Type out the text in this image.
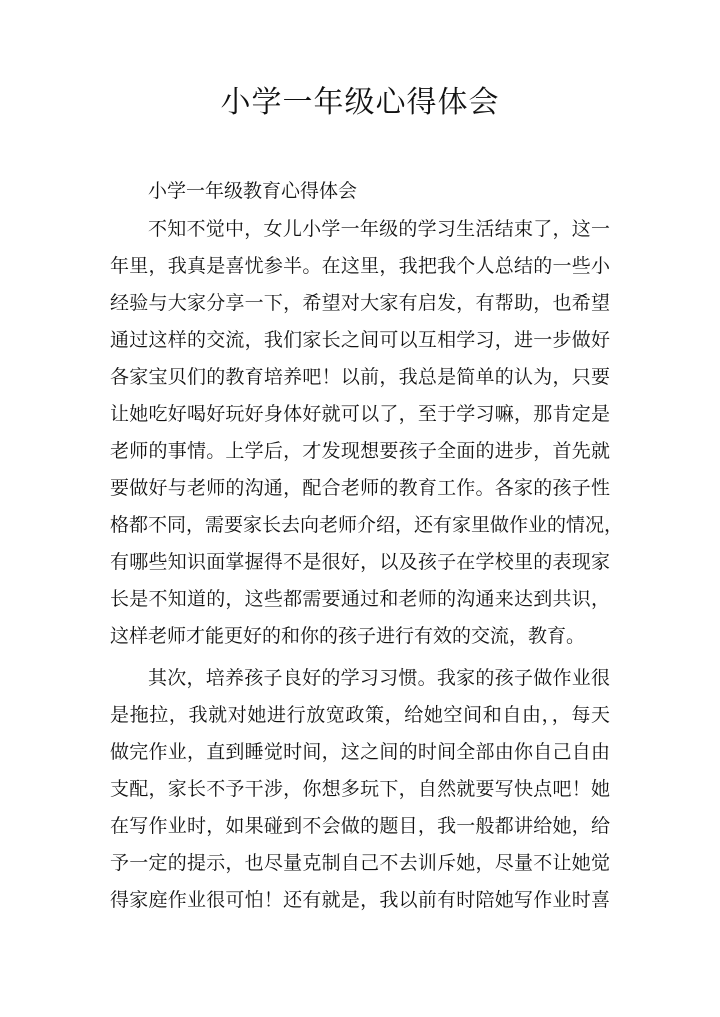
小学一年级心得体会

小学一年级教育心得体会

不知不觉中，女儿小学一年级的学习生活结束了，这一
年里，我真是喜忧参半。在这里，我把我个人总结的一些小
经验与大家分享一下，希望对大家有启发，有帮助，也希望
通过这样的交流，我们家长之间可以互相学习，进一步做好
各家宝贝们的教育培养吧！以前，我总是简单的认为，只要
让她吃好喝好玩好身体好就可以了，至于学习嘛，那肯定是
老师的事情。上学后，才发现想要孩子全面的进步，首先就
要做好与老师的沟通，配合老师的教育工作。各家的孩子性
格都不同，需要家长去向老师介绍，还有家里做作业的情况，
有哪些知识面掌握得不是很好，以及孩子在学校里的表现家
长是不知道的，这些都需要通过和老师的沟通来达到共识，
这样老师才能更好的和你的孩子进行有效的交流，教育。
其次，培养孩子良好的学习习惯。我家的孩子做作业很
是拖拉，我就对她进行放宽政策，给她空间和自由，，每天
做完作业，直到睡觉时间，这之间的时间全部由你自己自由
支配，家长不予干涉，你想多玩下，自然就要写快点吧！她
在写作业时，如果碰到不会做的题目，我一般都讲给她，给
予一定的提示，也尽量克制自己不去训斥她，尽量不让她觉
得家庭作业很可怕！还有就是，我以前有时陪她写作业时喜
